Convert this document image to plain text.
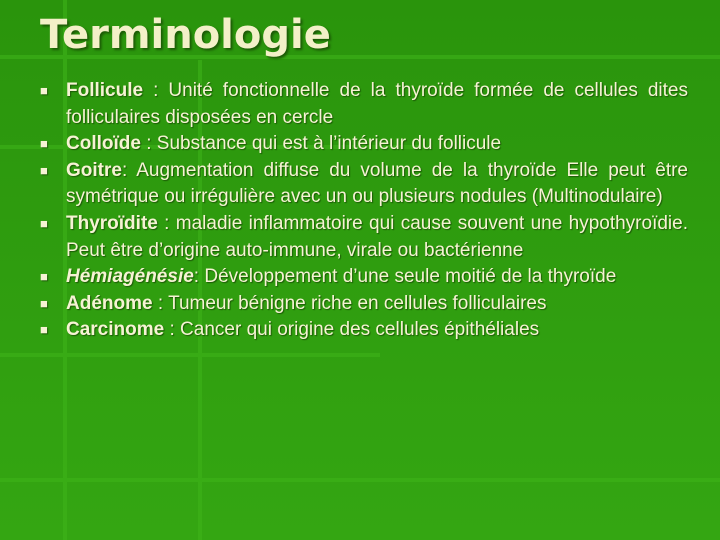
Terminologie
■ Follicule : Unité fonctionnelle de la thyroïde formée de cellules dites folliculaires disposées en cercle
■ Colloïde : Substance qui est à l’intérieur du follicule
■ Goitre: Augmentation diffuse du volume de la thyroïde Elle peut être symétrique ou irrégulière avec un ou plusieurs nodules (Multinodulaire)
■ Thyroïdite : maladie inflammatoire qui cause souvent une hypothyroïdie. Peut être d’origine auto-immune, virale ou bactérienne
■ Hémiagénésie: Développement d’une seule moitié de la thyroïde
■ Adénome : Tumeur bénigne riche en cellules folliculaires
■ Carcinome : Cancer qui origine des cellules épithéliales
